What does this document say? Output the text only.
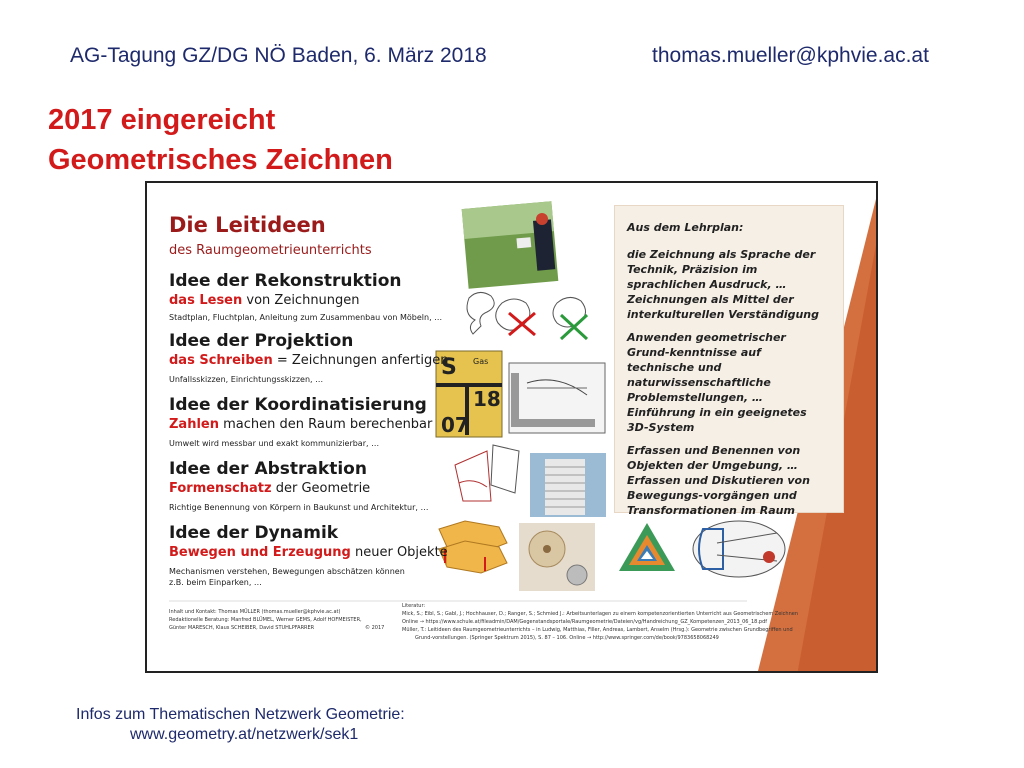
AG-Tagung GZ/DG NÖ Baden, 6. März 2018	thomas.mueller@kphvie.ac.at
2017 eingereicht
Geometrisches Zeichnen
Die Leitideen
des Raumgeometrieunterrichts
Idee der Rekonstruktion
das Lesen von Zeichnungen
Stadtplan, Fluchtplan, Anleitung zum Zusammenbau von Möbeln, …
Idee der Projektion
das Schreiben = Zeichnungen anfertigen
Unfallsskizzen, Einrichtungsskizzen, …
Idee der Koordinatisierung
Zahlen machen den Raum berechenbar
Umwelt wird messbar und exakt kommunizierbar, …
Idee der Abstraktion
Formenschatz der Geometrie
Richtige Benennung von Körpern in Baukunst und Architektur, …
Idee der Dynamik
Bewegen und Erzeugung neuer Objekte
Mechanismen verstehen, Bewegungen abschätzen können
z.B. beim Einparken, …
S Gas
18
07

Aus dem Lehrplan:

die Zeichnung als Sprache der Technik, Präzision im sprachlichen Ausdruck, … Zeichnungen als Mittel der interkulturellen Verständigung

Anwenden geometrischer Grund-kenntnisse auf technische und naturwissenschaftliche Problemstellungen, … Einführung in ein geeignetes 3D-System

Erfassen und Benennen von Objekten der Umgebung, … Erfassen und Diskutieren von Bewegungs-vorgängen und Transformationen im Raum

Inhalt und Kontakt: Thomas MÜLLER (thomas.mueller@kphvie.ac.at)
Redaktionelle Beratung: Manfred BLÜMEL, Werner GEMS, Adolf HOFMEISTER,
Günter MARESCH, Klaus SCHEIBER, David STUHLPFARRER	© 2017
Literatur:
Mick, S.; Eibl, S.; Gabl, J.; Hochhauser, D.; Ranger, S.; Schmied J.: Arbeitsunterlagen zu einem kompetenzorientierten Unterricht aus Geometrischem Zeichnen
Online → https://www.schule.at/fileadmin/DAM/Gegenstandsportale/Raumgeometrie/Dateien/vg/Handreichung_GZ_Kompetenzen_2013_06_18.pdf
Müller, T.: Leitideen des Raumgeometrieunterrichts – in Ludwig, Matthias, Filler, Andreas, Lambert, Anselm (Hrsg.): Geometrie zwischen Grundbegriffen und
Grund-vorstellungen. (Springer Spektrum 2015), S. 87 – 106. Online → http://www.springer.com/de/book/9783658068249
Infos zum Thematischen Netzwerk Geometrie:
www.geometry.at/netzwerk/sek1
